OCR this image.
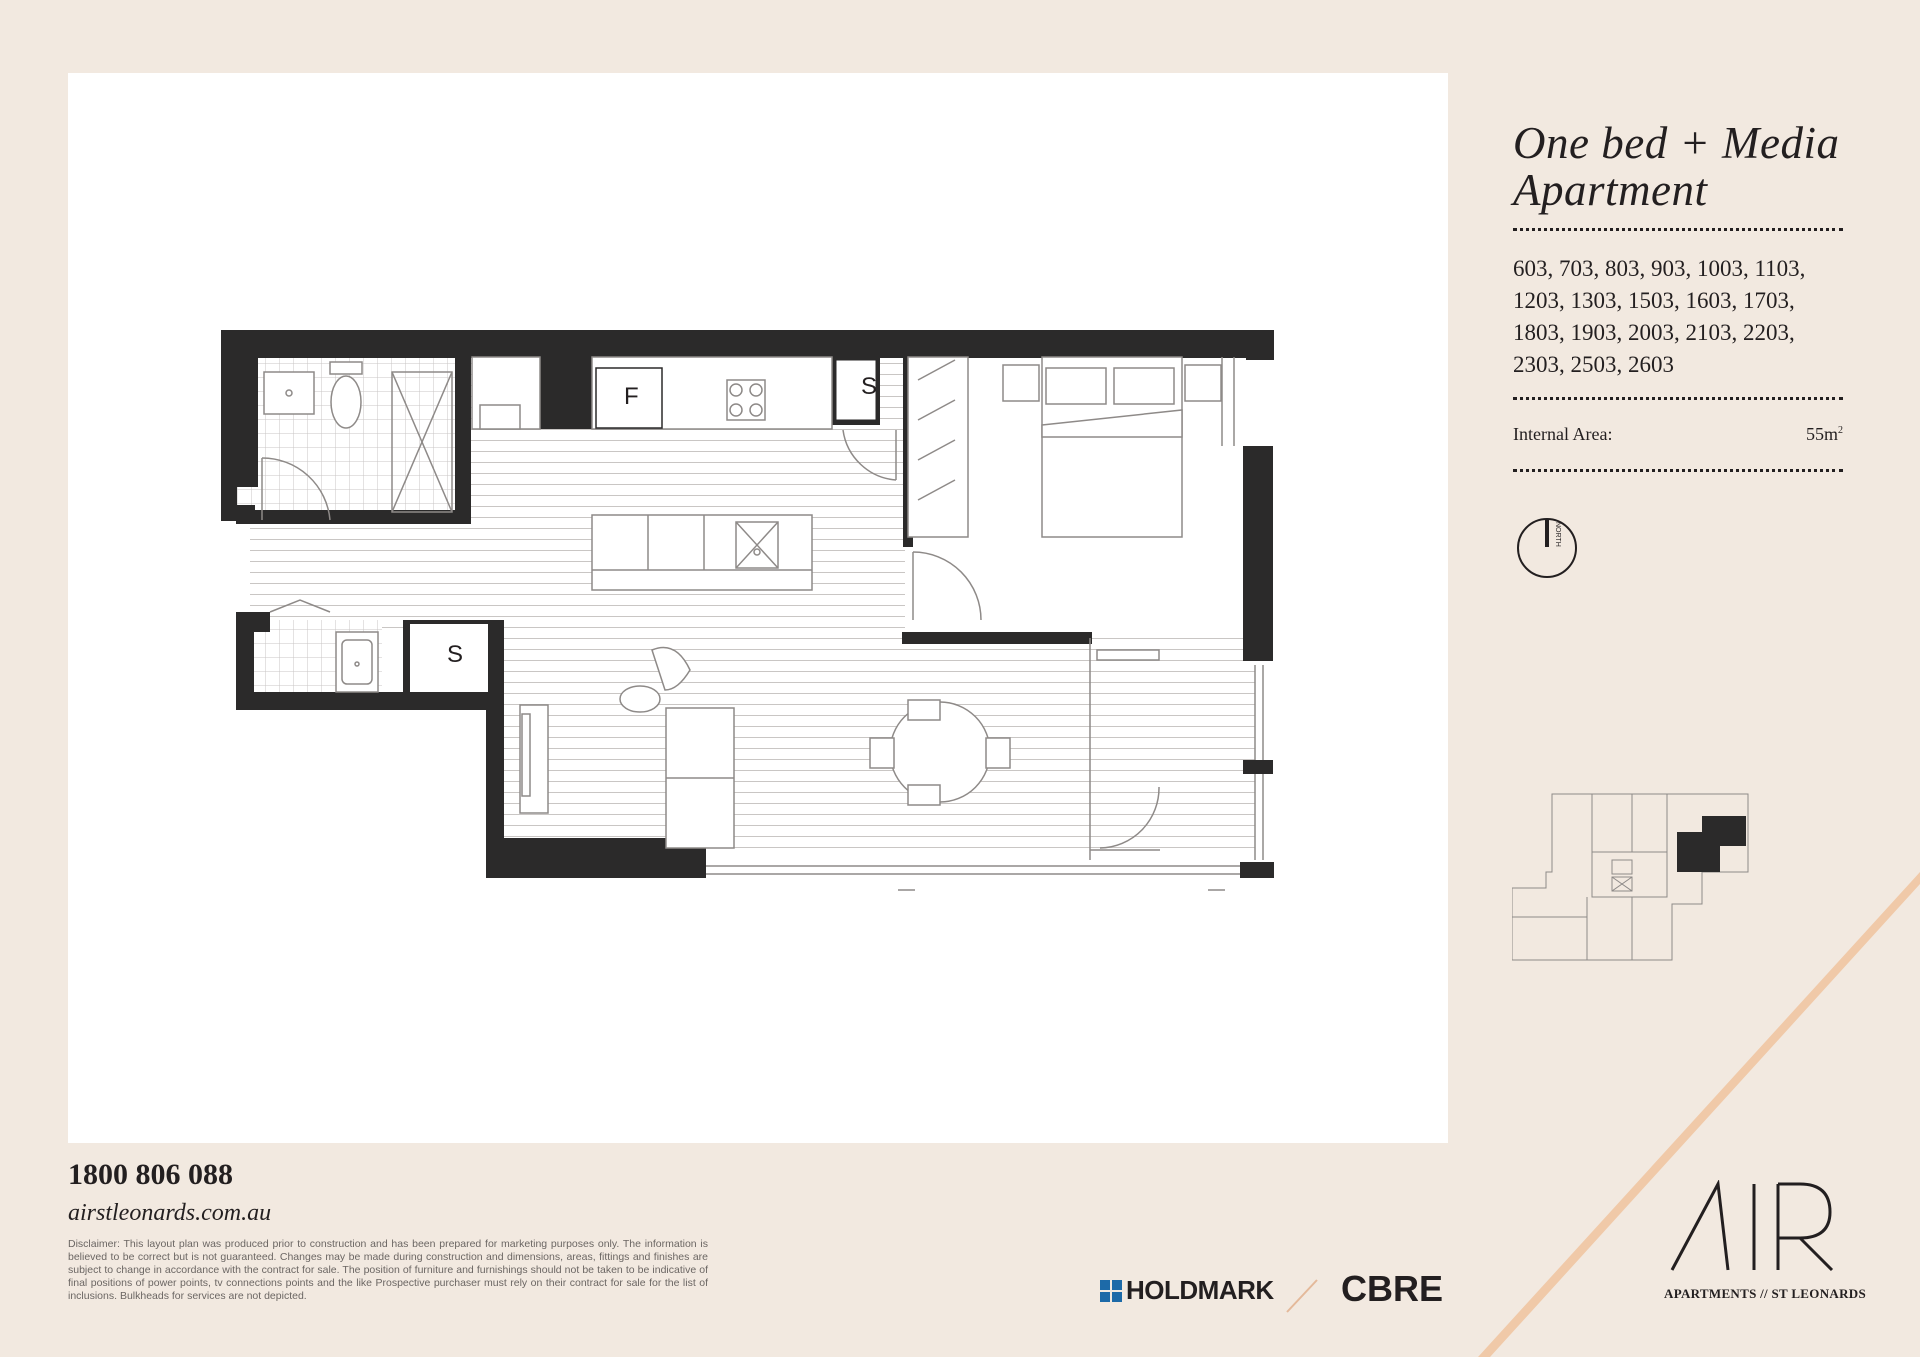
F	S
S
One bed + Media Apartment
603, 703, 803, 903, 1003, 1103, 1203, 1303, 1503, 1603, 1703, 1803, 1903, 2003, 2103, 2203, 2303, 2503, 2603
Internal Area:	$55m^2$
NORTH
1800 806 088
airstleonards.com.au
Disclaimer: This layout plan was produced prior to construction and has been prepared for marketing purposes only. The information is believed to be correct but is not guaranteed. Changes may be made during construction and dimensions, areas, fittings and finishes are subject to change in accordance with the contract for sale. The position of furniture and furnishings should not be taken to be indicative of final positions of power points, tv connections points and the like Prospective purchaser must rely on their contract for sale for the list of inclusions. Bulkheads for services are not depicted.	HOLDMARK CBRE	APARTMENTS // ST LEONARDS
